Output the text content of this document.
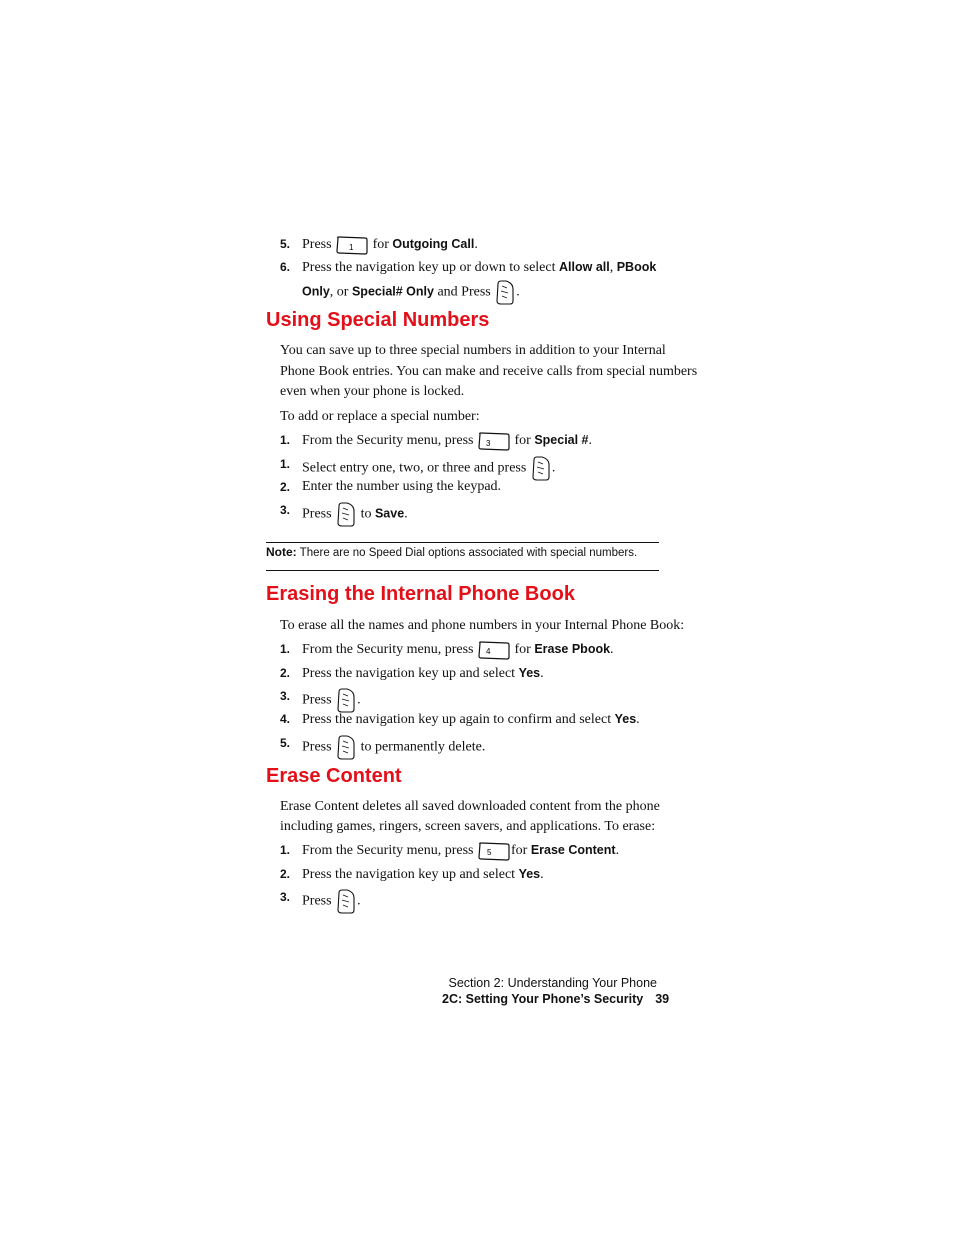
5. Press 1 for Outgoing Call.
6. Press the navigation key up or down to select Allow all, PBook
Only, or Special# Only and Press .
Using Special Numbers
You can save up to three special numbers in addition to your Internal
Phone Book entries. You can make and receive calls from special numbers
even when your phone is locked.
To add or replace a special number:
1. From the Security menu, press 3 for Special #.
1. Select entry one, two, or three and press .
2. Enter the number using the keypad.
3. Press to Save.
Note: There are no Speed Dial options associated with special numbers.
Erasing the Internal Phone Book
To erase all the names and phone numbers in your Internal Phone Book:
1. From the Security menu, press 4 for Erase Pbook.
2. Press the navigation key up and select Yes.
3. Press .
4. Press the navigation key up again to confirm and select Yes.
5. Press to permanently delete.
Erase Content
Erase Content deletes all saved downloaded content from the phone
including games, ringers, screen savers, and applications. To erase:
1. From the Security menu, press 5 for Erase Content.
2. Press the navigation key up and select Yes.
3. Press .
Section 2: Understanding Your Phone
2C: Setting Your Phone’s Security 39
